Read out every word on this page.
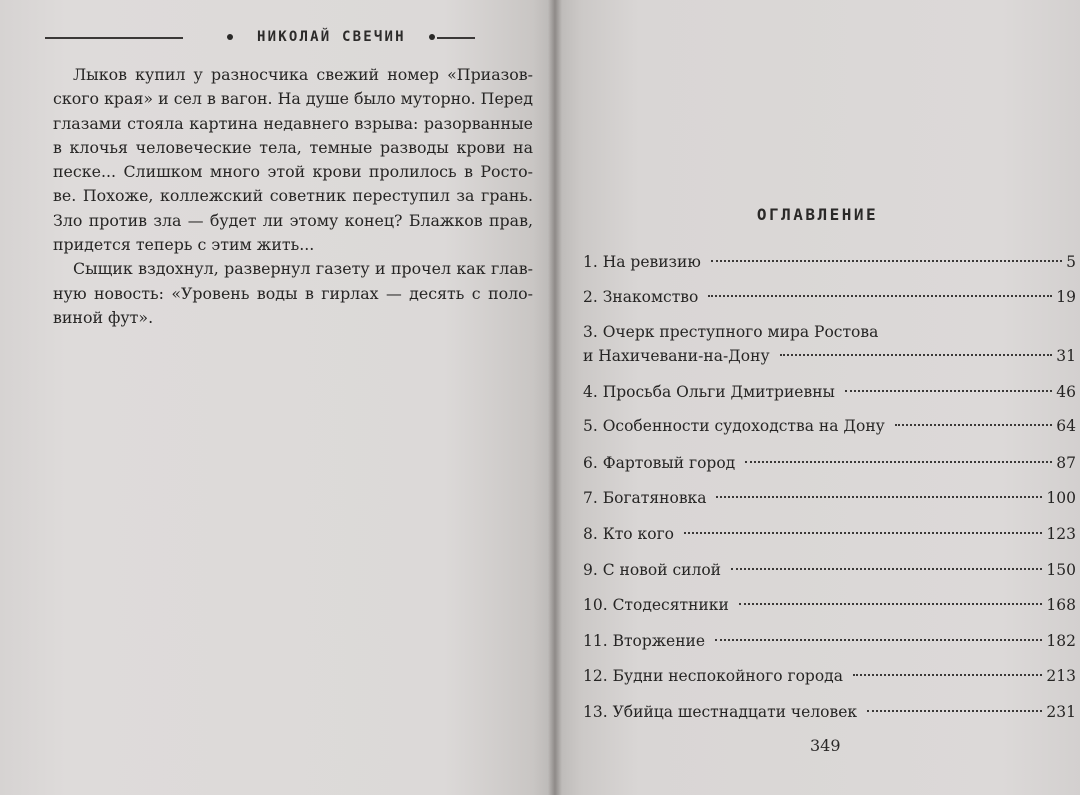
НИКОЛАЙ СВЕЧИН

Лыков купил у разносчика свежий номер «Приазов-
ского края» и сел в вагон. На душе было муторно. Перед
глазами стояла картина недавнего взрыва: разорванные
в клочья человеческие тела, темные разводы крови на
песке... Слишком много этой крови пролилось в Росто-
ве. Похоже, коллежский советник переступил за грань.
Зло против зла — будет ли этому конец? Блажков прав,
придется теперь с этим жить...

Сыщик вздохнул, развернул газету и прочел как глав-
ную новость: «Уровень воды в гирлах — десять с поло-
виной фут».

ОГЛАВЛЕНИЕ
1. На ревизию	5
2. Знакомство	19
3. Очерк преступного мира Ростова
и Нахичевани-на-Дону	31
4. Просьба Ольги Дмитриевны	46
5. Особенности судоходства на Дону	64
6. Фартовый город	87
7. Богатяновка	100
8. Кто кого	123
9. С новой силой	150
10. Стодесятники	168
11. Вторжение	182
12. Будни неспокойного города	213
13. Убийца шестнадцати человек	231
349
